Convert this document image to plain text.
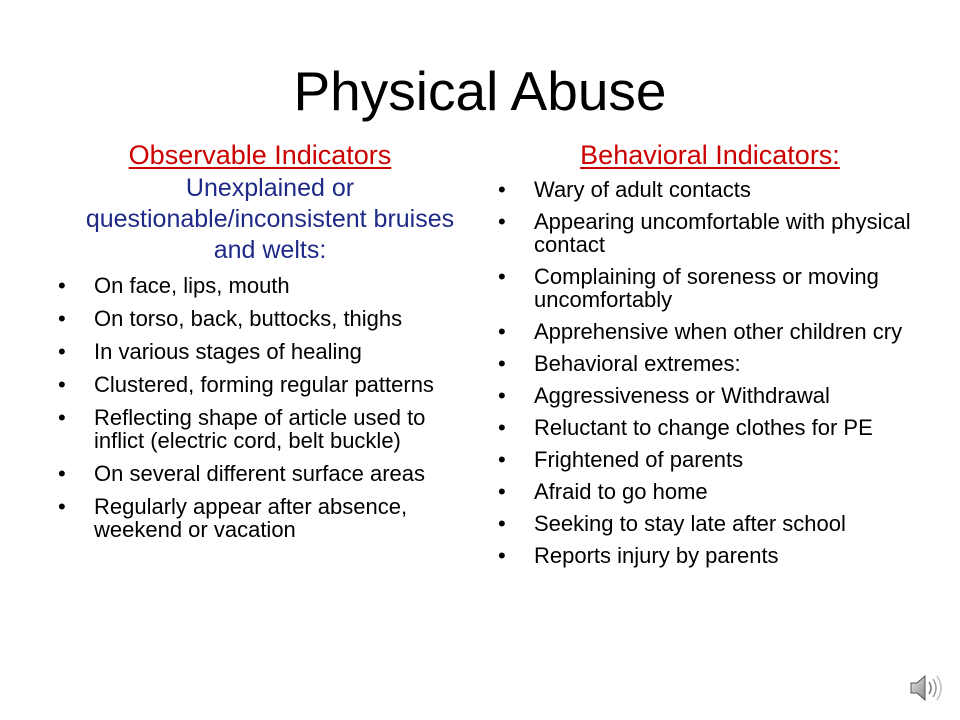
Physical Abuse
Observable Indicators
Unexplained or questionable/inconsistent bruises and welts:
• On face, lips, mouth
• On torso, back, buttocks, thighs
• In various stages of healing
• Clustered, forming regular patterns
• Reflecting shape of article used to inflict (electric cord, belt buckle)
• On several different surface areas
• Regularly appear after absence, weekend or vacation
Behavioral Indicators:
• Wary of adult contacts
• Appearing uncomfortable with physical contact
• Complaining of soreness or moving uncomfortably
• Apprehensive when other children cry
• Behavioral extremes:
• Aggressiveness or Withdrawal
• Reluctant to change clothes for PE
• Frightened of parents
• Afraid to go home
• Seeking to stay late after school
• Reports injury by parents
